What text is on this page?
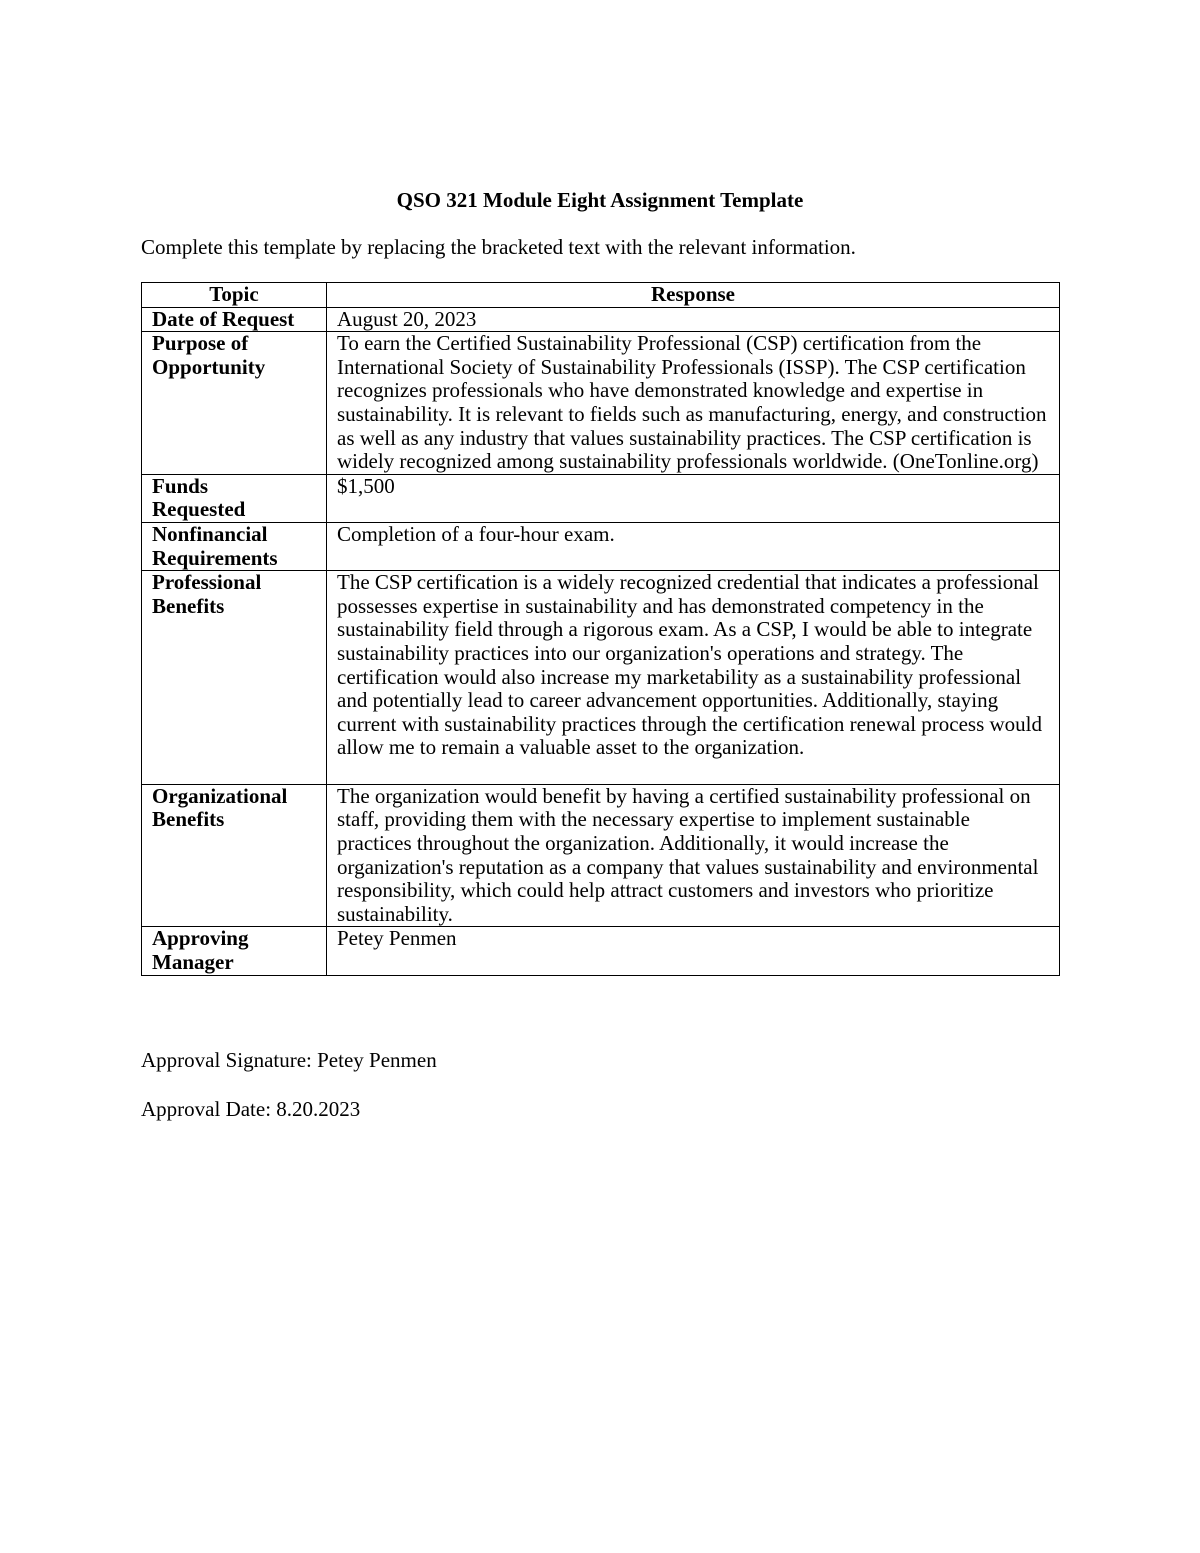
QSO 321 Module Eight Assignment Template

Complete this template by replacing the bracketed text with the relevant information.

Topic	Response
Date of Request	August 20, 2023
Purpose of Opportunity	To earn the Certified Sustainability Professional (CSP) certification from the International Society of Sustainability Professionals (ISSP). The CSP certification recognizes professionals who have demonstrated knowledge and expertise in sustainability. It is relevant to fields such as manufacturing, energy, and construction as well as any industry that values sustainability practices. The CSP certification is widely recognized among sustainability professionals worldwide. (OneTonline.org)
Funds Requested	$1,500
Nonfinancial Requirements	Completion of a four-hour exam.
Professional Benefits	The CSP certification is a widely recognized credential that indicates a professional possesses expertise in sustainability and has demonstrated competency in the sustainability field through a rigorous exam. As a CSP, I would be able to integrate sustainability practices into our organization's operations and strategy. The certification would also increase my marketability as a sustainability professional and potentially lead to career advancement opportunities. Additionally, staying current with sustainability practices through the certification renewal process would allow me to remain a valuable asset to the organization.
Organizational Benefits	The organization would benefit by having a certified sustainability professional on staff, providing them with the necessary expertise to implement sustainable practices throughout the organization. Additionally, it would increase the organization's reputation as a company that values sustainability and environmental responsibility, which could help attract customers and investors who prioritize sustainability.
Approving Manager	Petey Penmen

Approval Signature: Petey Penmen

Approval Date: 8.20.2023
